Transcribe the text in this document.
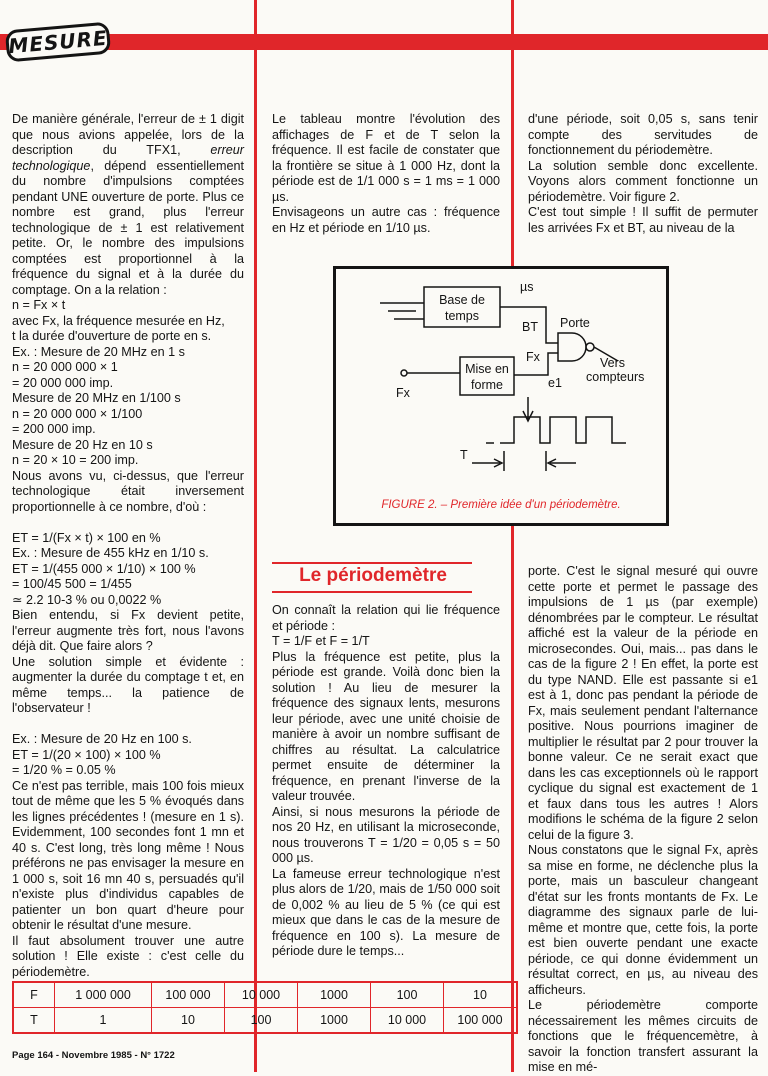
MESURE
De manière générale, l'erreur de ± 1 digit que nous avions appelée, lors de la description du TFX1, erreur technologique, dépend essentiellement du nombre d'impulsions comptées pendant UNE ouverture de porte. Plus ce nombre est grand, plus l'erreur technologique de ± 1 est relativement petite. Or, le nombre des impulsions comptées est proportionnel à la fréquence du signal et à la durée du comptage. On a la relation :
n = Fx × t
avec Fx, la fréquence mesurée en Hz,
t la durée d'ouverture de porte en s.
Ex. : Mesure de 20 MHz en 1 s
n = 20 000 000 × 1
= 20 000 000 imp.
Mesure de 20 MHz en 1/100 s
n = 20 000 000 × 1/100
= 200 000 imp.
Mesure de 20 Hz en 10 s
n = 20 × 10 = 200 imp.
Nous avons vu, ci-dessus, que l'erreur technologique était inversement proportionnelle à ce nombre, d'où :

ET = 1/(Fx × t) × 100 en %
Ex. : Mesure de 455 kHz en 1/10 s.
ET = 1/(455 000 × 1/10) × 100 %
= 100/45 500 = 1/455
≃ 2.2 10-3 % ou 0,0022 %
Bien entendu, si Fx devient petite, l'erreur augmente très fort, nous l'avons déjà dit. Que faire alors ?
Une solution simple et évidente : augmenter la durée du comptage t et, en même temps... la patience de l'observateur !

Ex. : Mesure de 20 Hz en 100 s.
ET = 1/(20 × 100) × 100 %
= 1/20 % = 0.05 %
Ce n'est pas terrible, mais 100 fois mieux tout de même que les 5 % évoqués dans les lignes précédentes ! (mesure en 1 s). Evidemment, 100 secondes font 1 mn et 40 s. C'est long, très long même ! Nous préférons ne pas envisager la mesure en 1 000 s, soit 16 mn 40 s, persuadés qu'il n'existe plus d'individus capables de patienter un bon quart d'heure pour obtenir le résultat d'une mesure.
Il faut absolument trouver une autre solution ! Elle existe : c'est celle du périodemètre.
Le tableau montre l'évolution des affichages de F et de T selon la fréquence. Il est facile de constater que la frontière se situe à 1 000 Hz, dont la période est de 1/1 000 s = 1 ms = 1 000 µs.
Envisageons un autre cas : fréquence en Hz et période en 1/10 µs.
d'une période, soit 0,05 s, sans tenir compte des servitudes de fonctionnement du périodemètre.
La solution semble donc excellente. Voyons alors comment fonctionne un périodemètre. Voir figure 2.
C'est tout simple ! Il suffit de permuter les arrivées Fx et BT, au niveau de la
Base de
temps
µs
BT Porte
Vers
compteurs
Fx
Mise en
forme
Fx
e1
T
FIGURE 2. – Première idée d'un périodemètre.
Le périodemètre
On connaît la relation qui lie fréquence et période :
T = 1/F et F = 1/T
Plus la fréquence est petite, plus la période est grande. Voilà donc bien la solution ! Au lieu de mesurer la fréquence des signaux lents, mesurons leur période, avec une unité choisie de manière à avoir un nombre suffisant de chiffres au résultat. La calculatrice permet ensuite de déterminer la fréquence, en prenant l'inverse de la valeur trouvée.
Ainsi, si nous mesurons la période de nos 20 Hz, en utilisant la microseconde, nous trouverons T = 1/20 = 0,05 s = 50 000 µs.
La fameuse erreur technologique n'est plus alors de 1/20, mais de 1/50 000 soit de 0,002 % au lieu de 5 % (ce qui est mieux que dans le cas de la mesure de fréquence en 100 s). La mesure de période dure le temps...
porte. C'est le signal mesuré qui ouvre cette porte et permet le passage des impulsions de 1 µs (par exemple) dénombrées par le compteur. Le résultat affiché est la valeur de la période en microsecondes. Oui, mais... pas dans le cas de la figure 2 ! En effet, la porte est du type NAND. Elle est passante si e1 est à 1, donc pas pendant la période de Fx, mais seulement pendant l'alternance positive. Nous pourrions imaginer de multiplier le résultat par 2 pour trouver la bonne valeur. Ce ne serait exact que dans les cas exceptionnels où le rapport cyclique du signal est exactement de 1 et faux dans tous les autres ! Alors modifions le schéma de la figure 2 selon celui de la figure 3.
Nous constatons que le signal Fx, après sa mise en forme, ne déclenche plus la porte, mais un basculeur changeant d'état sur les fronts montants de Fx. Le diagramme des signaux parle de lui-même et montre que, cette fois, la porte est bien ouverte pendant une exacte période, ce qui donne évidemment un résultat correct, en µs, au niveau des afficheurs.
Le périodemètre comporte nécessairement les mêmes circuits de fonctions que le fréquencemètre, à savoir la fonction transfert assurant la mise en mé-
F	1 000 000	100 000	10 000	1000	100	10
T	1	10	100	1000	10 000	100 000
Page 164 - Novembre 1985 - N° 1722
